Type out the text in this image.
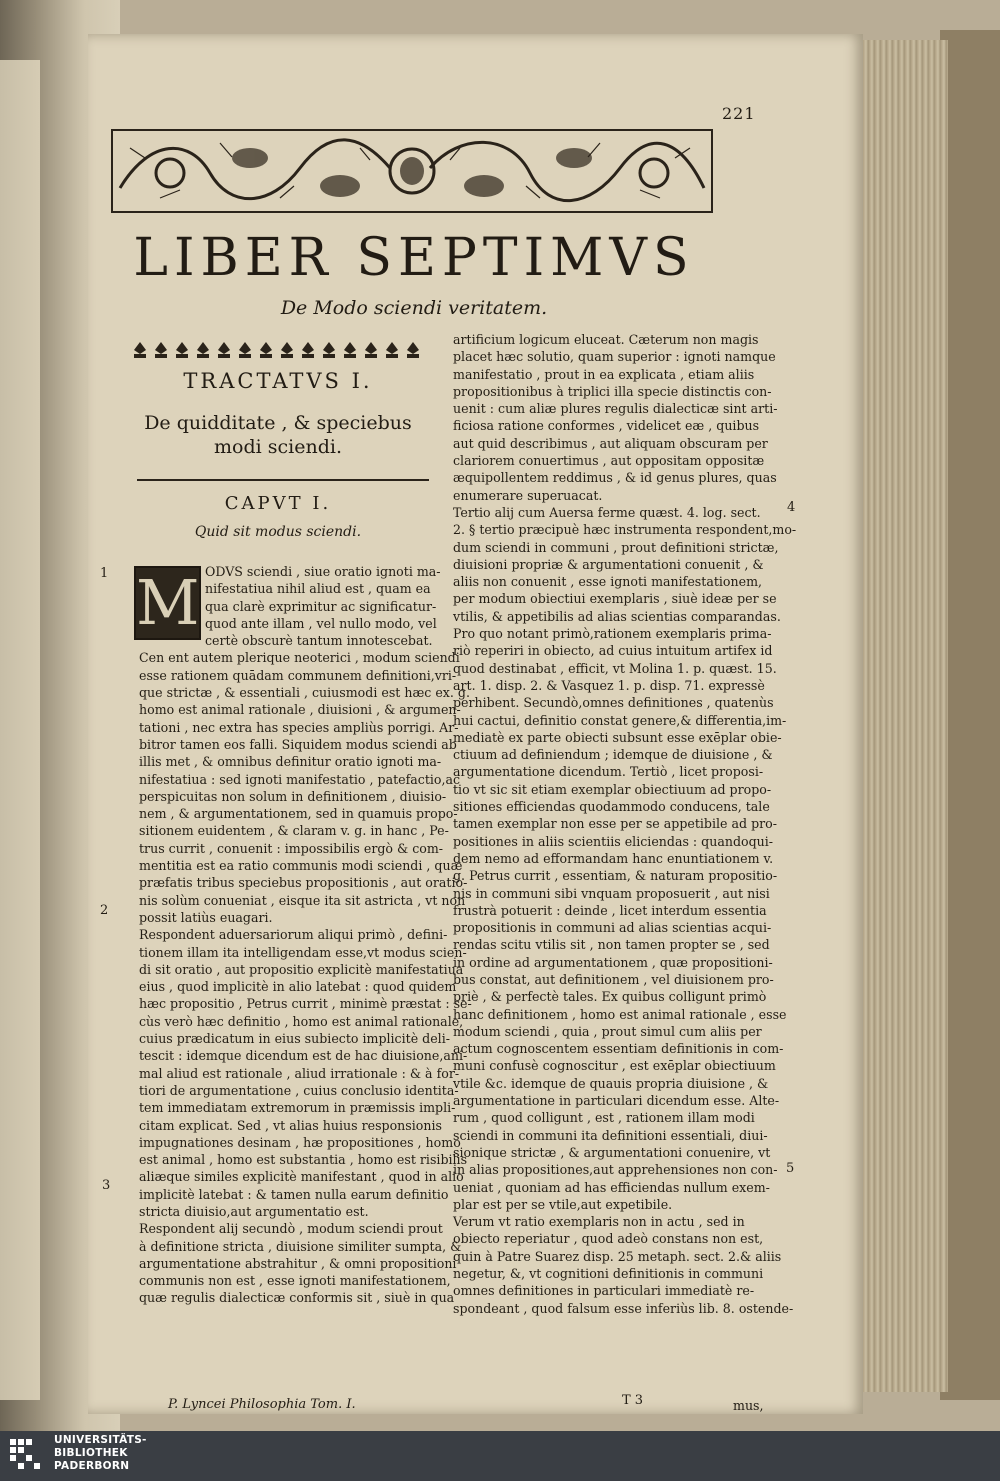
221
LIBER SEPTIMVS
De Modo sciendi veritatem.
TRACTATVS I.
De quidditate , & speciebus
modi sciendi.
CAPVT I.
Quid sit modus sciendi.
ODVS sciendi , siue oratio ignoti ma-
nifestatiua nihil aliud est , quam ea
qua clarè exprimitur ac significatur-
quod ante illam , vel nullo modo, vel
certè obscurè tantum innotescebat.
Cen ent autem plerique neoterici , modum sciendi
esse rationem quādam communem definitioni,vri-
que strictæ , & essentiali , cuiusmodi est hæc ex. g.
homo est animal rationale , diuisioni , & argumen-
tationi , nec extra has species ampliùs porrigi. Ar-
bitror tamen eos falli. Siquidem modus sciendi ab
illis met , & omnibus definitur oratio ignoti ma-
nifestatiua : sed ignoti manifestatio , patefactio,ac
perspicuitas non solum in definitionem , diuisio-
nem , & argumentationem, sed in quamuis propo-
sitionem euidentem , & claram v. g. in hanc , Pe-
trus currit , conuenit : impossibilis ergò & com-
mentitia est ea ratio communis modi sciendi , quæ
præfatis tribus speciebus propositionis , aut oratio-
nis solùm conueniat , eisque ita sit astricta , vt non
possit latiùs euagari.
Respondent aduersariorum aliqui primò , defini-
tionem illam ita intelligendam esse,vt modus scien-
di sit oratio , aut propositio explicitè manifestatiua
eius , quod implicitè in alio latebat : quod quidem
hæc propositio , Petrus currit , minimè præstat : se-
cùs verò hæc definitio , homo est animal rationale,
cuius prædicatum in eius subiecto implicitè deli-
tescit : idemque dicendum est de hac diuisione,ani-
mal aliud est rationale , aliud irrationale : & à for-
tiori de argumentatione , cuius conclusio identita-
tem immediatam extremorum in præmissis impli-
citam explicat. Sed , vt alias huius responsionis
impugnationes desinam , hæ propositiones , homo
est animal , homo est substantia , homo est risibilis
aliæque similes explicitè manifestant , quod in alio
implicitè latebat : & tamen nulla earum definitio
stricta diuisio,aut argumentatio est.
Respondent alij secundò , modum sciendi prout
à definitione stricta , diuisione similiter sumpta, &
argumentatione abstrahitur , & omni propositioni
communis non est , esse ignoti manifestationem,
quæ regulis dialecticæ conformis sit , siuè in qua
M
artificium logicum eluceat. Cæterum non magis
placet hæc solutio, quam superior : ignoti namque
manifestatio , prout in ea explicata , etiam aliis
propositionibus à triplici illa specie distinctis con-
uenit : cum aliæ plures regulis dialecticæ sint arti-
ficiosa ratione conformes , videlicet eæ , quibus
aut quid describimus , aut aliquam obscuram per
clariorem conuertimus , aut oppositam oppositæ
æquipollentem reddimus , & id genus plures, quas
enumerare superuacat.
Tertio alij cum Auersa ferme quæst. 4. log. sect.
2. § tertio præcipuè hæc instrumenta respondent,mo-
dum sciendi in communi , prout definitioni strictæ,
diuisioni propriæ & argumentationi conuenit , &
aliis non conuenit , esse ignoti manifestationem,
per modum obiectiui exemplaris , siuè ideæ per se
vtilis, & appetibilis ad alias scientias comparandas.
Pro quo notant primò,rationem exemplaris prima-
riò reperiri in obiecto, ad cuius intuitum artifex id
quod destinabat , efficit, vt Molina 1. p. quæst. 15.
art. 1. disp. 2. & Vasquez 1. p. disp. 71. expressè
perhibent. Secundò,omnes definitiones , quatenùs
hui cactui, definitio constat genere,& differentia,im-
mediatè ex parte obiecti subsunt esse exēplar obie-
ctiuum ad definiendum ; idemque de diuisione , &
argumentatione dicendum. Tertiò , licet proposi-
tio vt sic sit etiam exemplar obiectiuum ad propo-
sitiones efficiendas quodammodo conducens, tale
tamen exemplar non esse per se appetibile ad pro-
positiones in aliis scientiis eliciendas : quandoqui-
dem nemo ad efformandam hanc enuntiationem v.
g. Petrus currit , essentiam, & naturam propositio-
nis in communi sibi vnquam proposuerit , aut nisi
frustrà potuerit : deinde , licet interdum essentia
propositionis in communi ad alias scientias acqui-
rendas scitu vtilis sit , non tamen propter se , sed
in ordine ad argumentationem , quæ propositioni-
bus constat, aut definitionem , vel diuisionem pro-
priè , & perfectè tales. Ex quibus colligunt primò
hanc definitionem , homo est animal rationale , esse
modum sciendi , quia , prout simul cum aliis per
actum cognoscentem essentiam definitionis in com-
muni confusè cognoscitur , est exēplar obiectiuum
vtile &c. idemque de quauis propria diuisione , &
argumentatione in particulari dicendum esse. Alte-
rum , quod colligunt , est , rationem illam modi
sciendi in communi ita definitioni essentiali, diui-
sionique strictæ , & argumentationi conuenire, vt
in alias propositiones,aut apprehensiones non con-
ueniat , quoniam ad has efficiendas nullum exem-
plar est per se vtile,aut expetibile.
Verum vt ratio exemplaris non in actu , sed in
obiecto reperiatur , quod adeò constans non est,
quin à Patre Suarez disp. 25 metaph. sect. 2.& aliis
negetur, &, vt cognitioni definitionis in communi
omnes definitiones in particulari immediatè re-
spondeant , quod falsum esse inferiùs lib. 8. ostende-
1
2
3
4
5
P. Lyncei Philosophia Tom. I.	T 3	mus,
UNIVERSITÄTS-
BIBLIOTHEK
PADERBORN
